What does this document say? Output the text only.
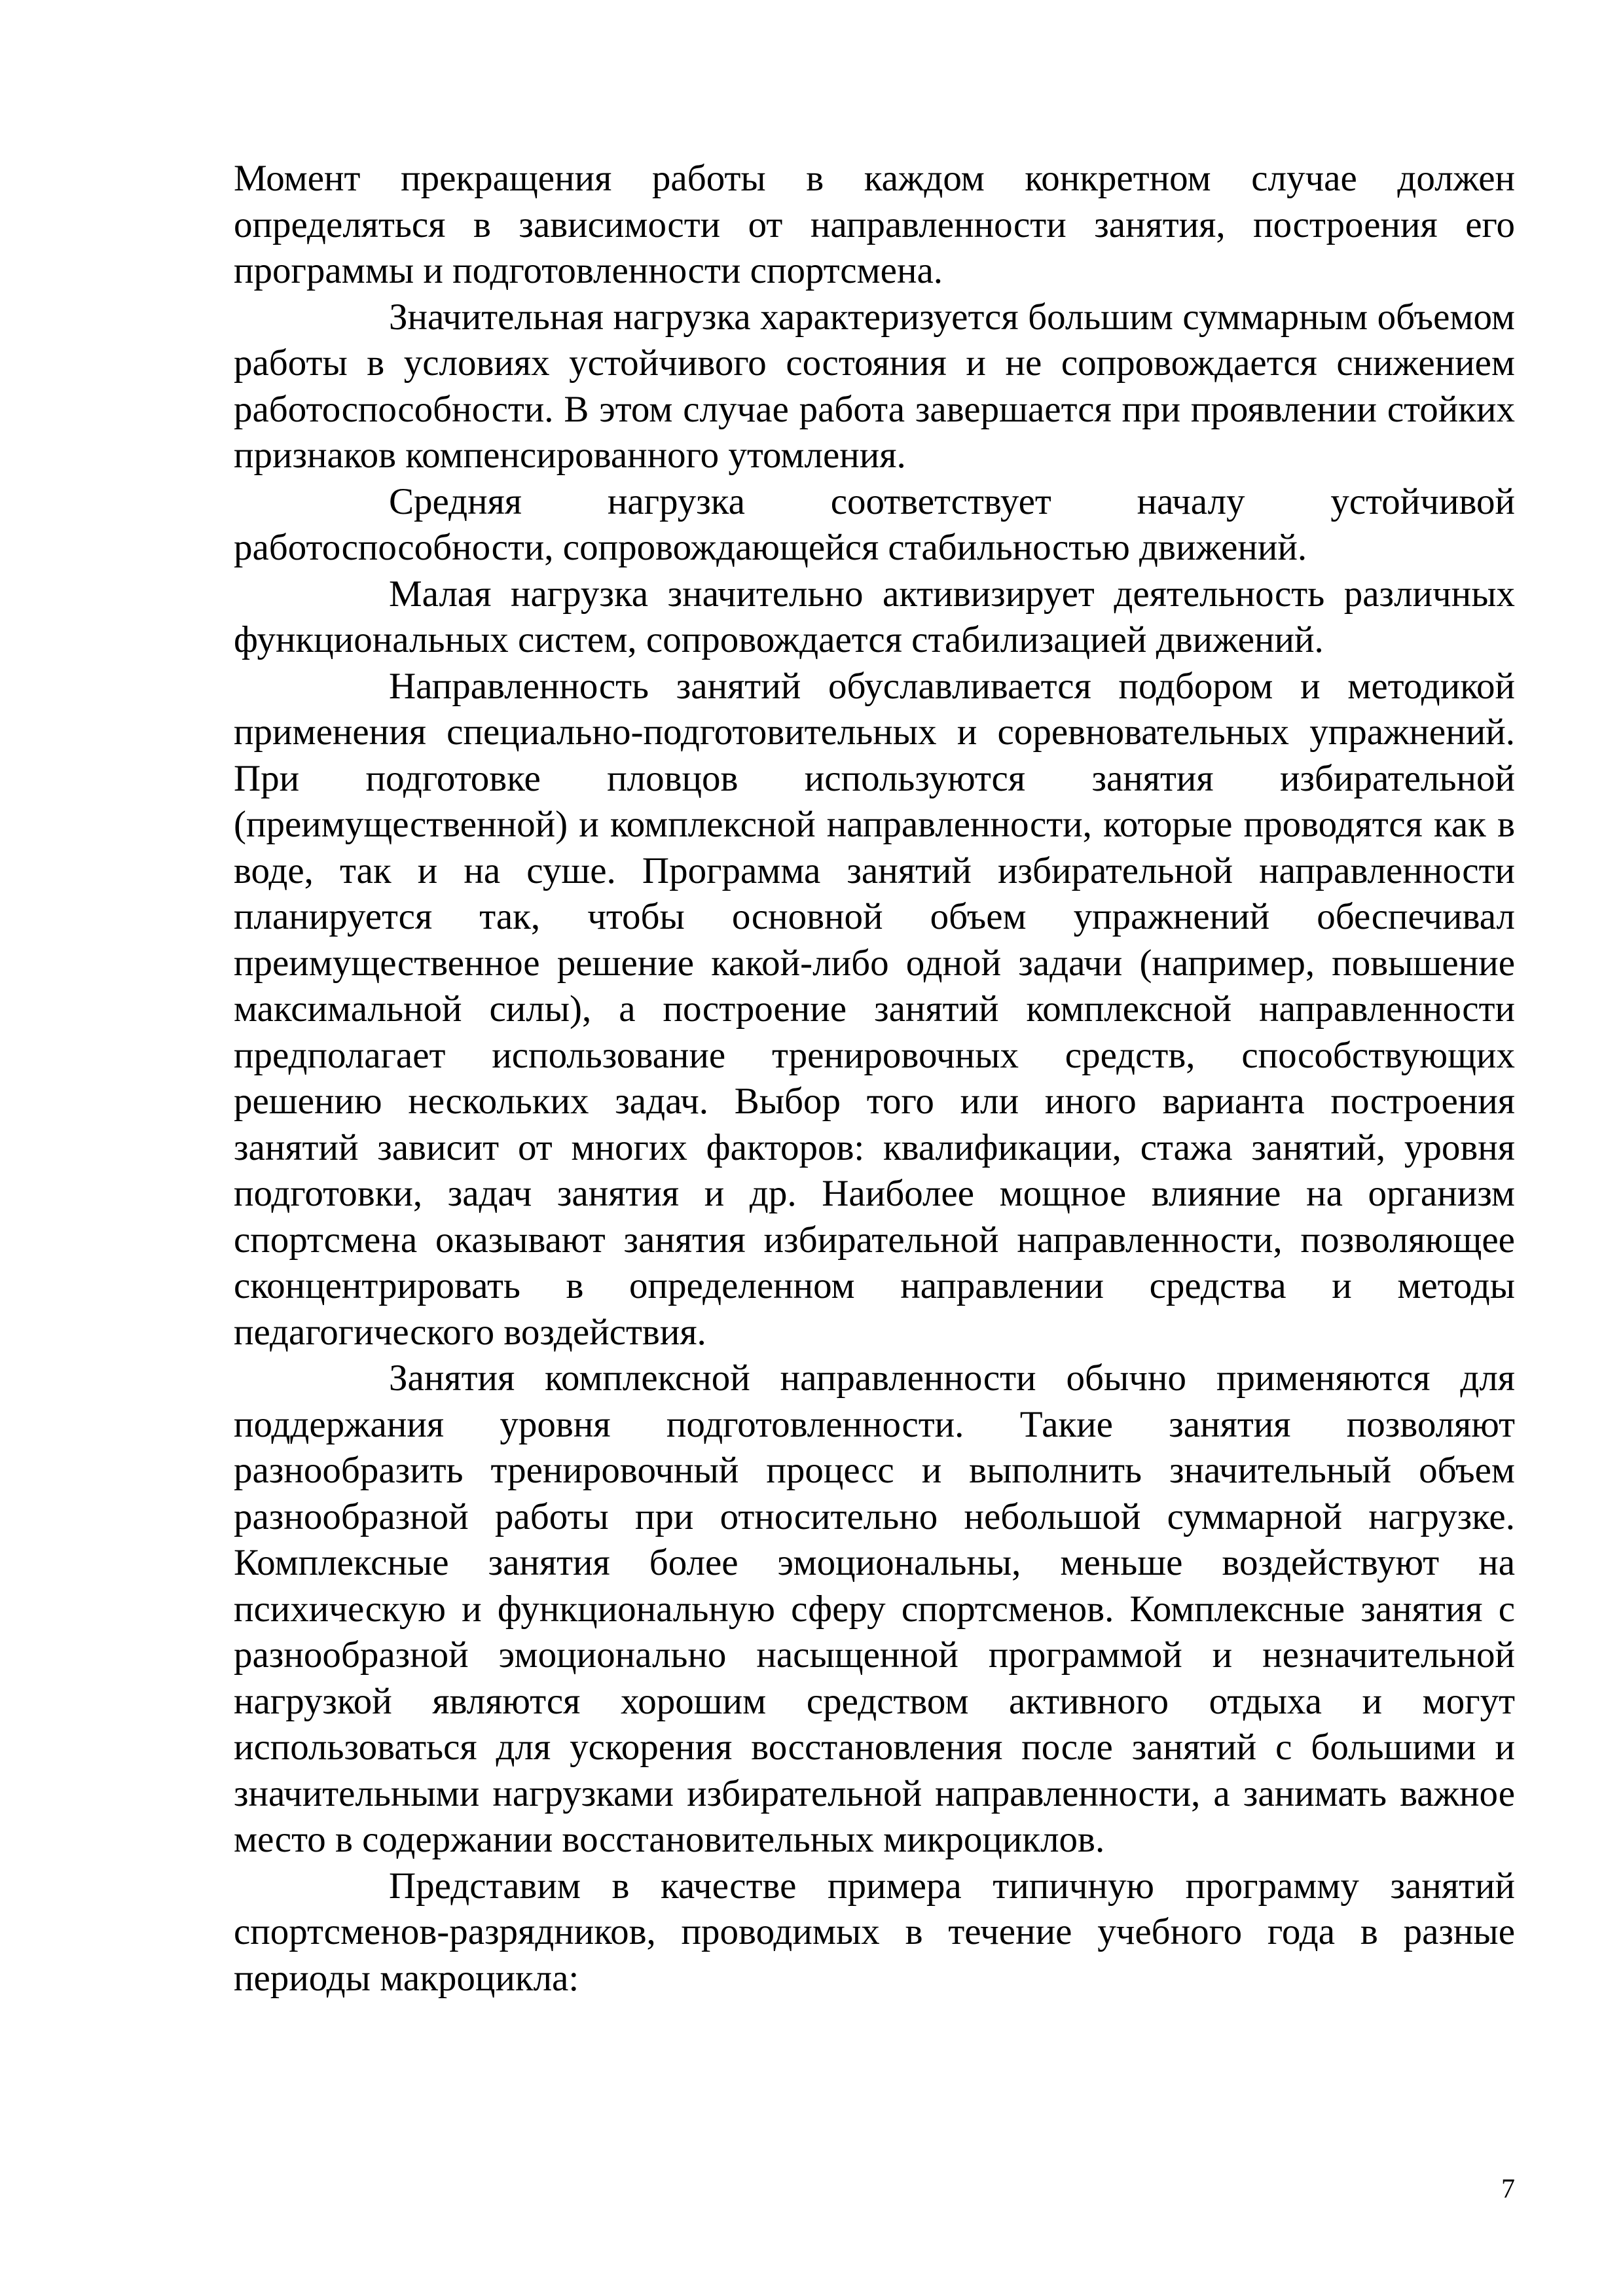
Момент прекращения работы в каждом конкретном случае должен определяться в зависимости от направленности занятия, построения его программы и подготовленности спортсмена.

Значительная нагрузка характеризуется большим суммарным объемом работы в условиях устойчивого состояния и не сопровождается снижением работоспособности. В этом случае работа завершается при проявлении стойких признаков компенсированного утомления.

Средняя нагрузка соответствует началу устойчивой работоспособности, сопровождающейся стабильностью движений.

Малая нагрузка значительно активизирует деятельность различных функциональных систем, сопровождается стабилизацией движений.

Направленность занятий обуславливается подбором и методикой применения специально-подготовительных и соревновательных упражнений. При подготовке пловцов используются занятия избирательной (преимущественной) и комплексной направленности, которые проводятся как в воде, так и на суше. Программа занятий избирательной направленности планируется так, чтобы основной объем упражнений обеспечивал преимущественное решение какой-либо одной задачи (например, повышение максимальной силы), а построение занятий комплексной направленности предполагает использование тренировочных средств, способствующих решению нескольких задач. Выбор того или иного варианта построения занятий зависит от многих факторов: квалификации, стажа занятий, уровня подготовки, задач занятия и др. Наиболее мощное влияние на организм спортсмена оказывают занятия избирательной направленности, позволяющее сконцентрировать в определенном направлении средства и методы педагогического воздействия.

Занятия комплексной направленности обычно применяются для поддержания уровня подготовленности. Такие занятия позволяют разнообразить тренировочный процесс и выполнить значительный объем разнообразной работы при относительно небольшой суммарной нагрузке. Комплексные занятия более эмоциональны, меньше воздействуют на психическую и функциональную сферу спортсменов. Комплексные занятия с разнообразной эмоционально насыщенной программой и незначительной нагрузкой являются хорошим средством активного отдыха и могут использоваться для ускорения восстановления после занятий с большими и значительными нагрузками избирательной направленности, а занимать важное место в содержании восстановительных микроциклов.

Представим в качестве примера типичную программу занятий спортсменов-разрядников, проводимых в течение учебного года в разные периоды макроцикла:

7
